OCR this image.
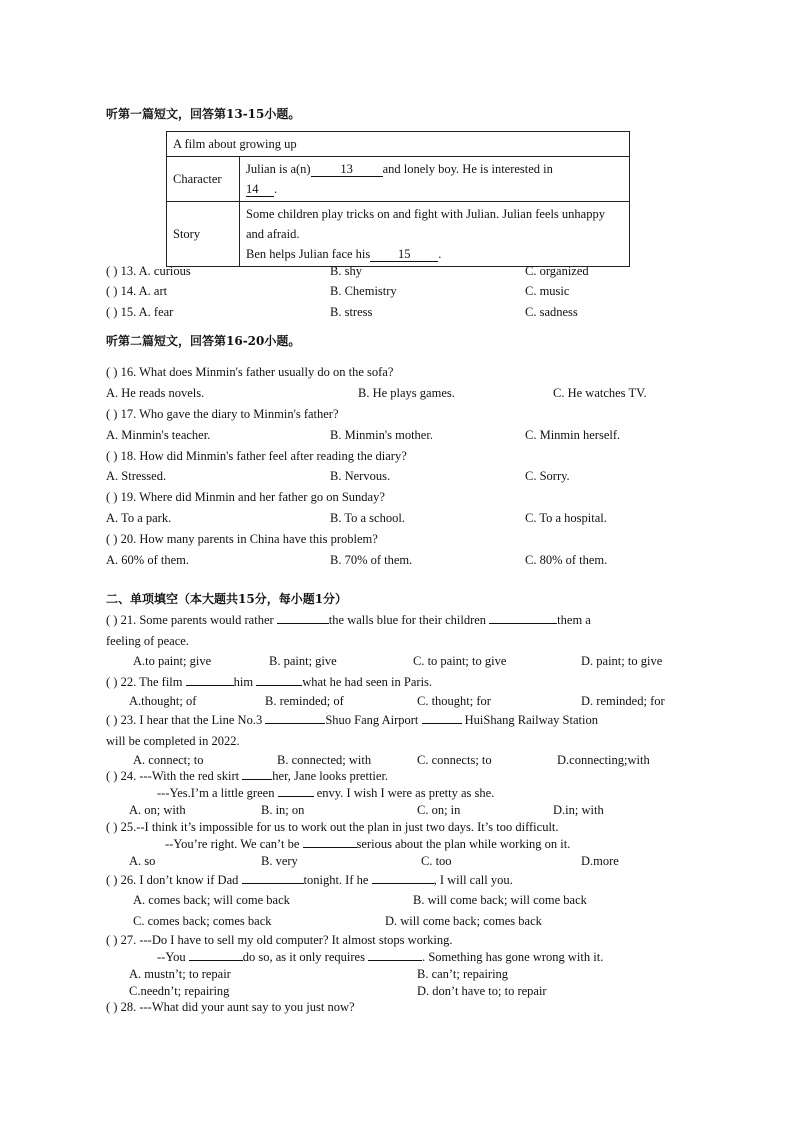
听第一篇短文，回答第13-15小题。
A film about growing up	
Character	Julian is a(n) 13 and lonely boy. He is interested in
14 .
Story	Some children play tricks on and fight with Julian. Julian feels unhappy and afraid.
Ben helps Julian face his 15 .
( ) 13. A. curious	B. shy	C. organized
( ) 14. A. art	B. Chemistry	C. music
( ) 15. A. fear	B. stress	C. sadness
听第二篇短文，回答第16-20小题。
( ) 16. What does Minmin's father usually do on the sofa?
A. He reads novels.	B. He plays games.	C. He watches TV.
( ) 17. Who gave the diary to Minmin's father?
A. Minmin's teacher.	B. Minmin's mother.	C. Minmin herself.
( ) 18. How did Minmin's father feel after reading the diary?
A. Stressed.	B. Nervous.	C. Sorry.
( ) 19. Where did Minmin and her father go on Sunday?
A. To a park.	B. To a school.	C. To a hospital.
( ) 20. How many parents in China have this problem?
A. 60% of them.	B. 70% of them.	C. 80% of them.
二、单项填空（本大题共15分，每小题1分）
( ) 21. Some parents would rather	the walls blue for their children	them a
feeling of peace.
A.to paint; give	B. paint; give	C. to paint; to give	D. paint; to give
( ) 22. The film	him	what he had seen in Paris.
A.thought; of	B. reminded; of	C. thought; for	D. reminded; for
( ) 23. I hear that the Line No.3	Shuo Fang Airport	HuiShang Railway Station
will be completed in 2022.
A. connect; to	B. connected; with	C. connects; to	D.connecting;with
( ) 24. ---With the red skirt	her, Jane looks prettier.
---Yes.I’m a little green	envy. I wish I were as pretty as she.
A. on; with	B. in; on	C. on; in	D.in; with
( ) 25.--I think it’s impossible for us to work out the plan in just two days. It’s too difficult.
--You’re right. We can’t be	serious about the plan while working on it.
A. so	B. very	C. too	D.more
( ) 26. I don’t know if Dad	tonight. If he	, I will call you.
A. comes back; will come back	B. will come back; will come back
C. comes back; comes back	D. will come back; comes back
( ) 27. ---Do I have to sell my old computer? It almost stops working.
--You	do so, as it only requires	. Something has gone wrong with it.
A. mustn’t; to repair	B. can’t; repairing
C.needn’t; repairing	D. don’t have to; to repair
( ) 28. ---What did your aunt say to you just now?
